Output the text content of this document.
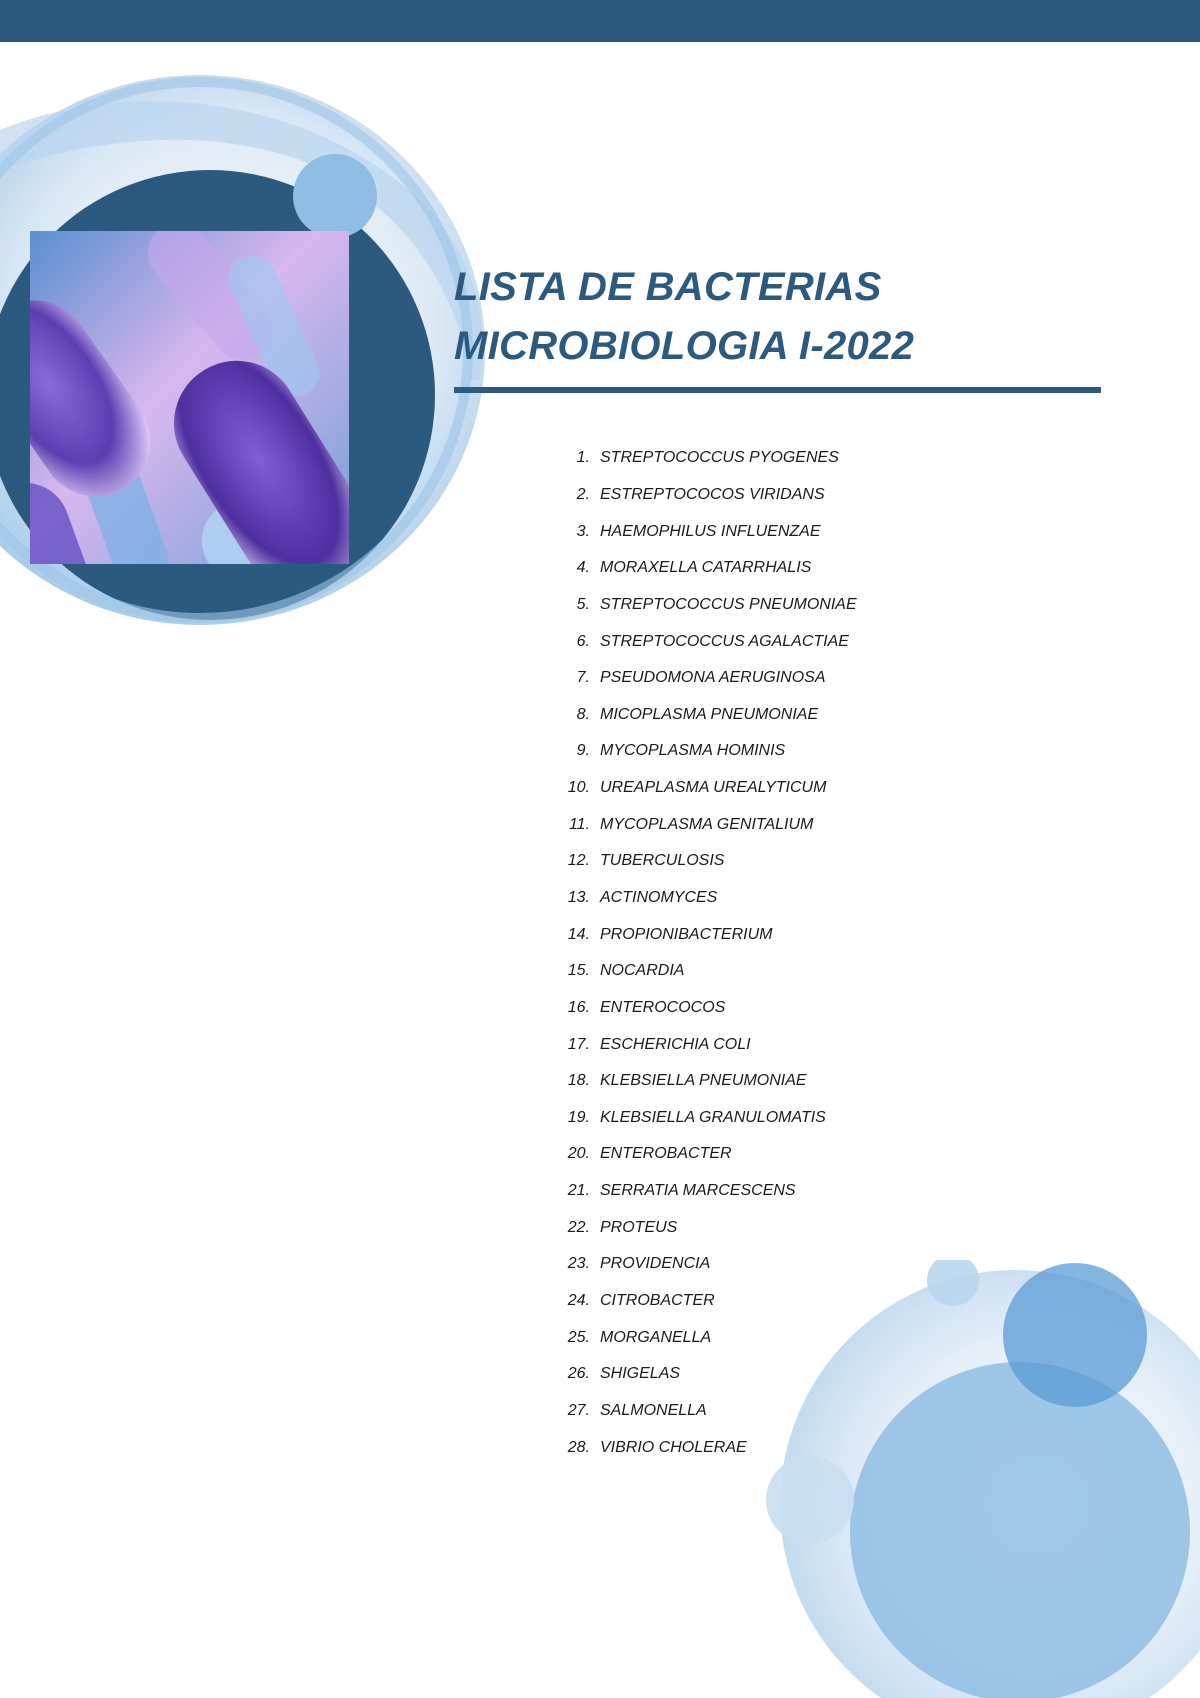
LISTA DE BACTERIAS
MICROBIOLOGIA I-2022
1. STREPTOCOCCUS PYOGENES
2. ESTREPTOCOCOS VIRIDANS
3. HAEMOPHILUS INFLUENZAE
4. MORAXELLA CATARRHALIS
5. STREPTOCOCCUS PNEUMONIAE
6. STREPTOCOCCUS AGALACTIAE
7. PSEUDOMONA AERUGINOSA
8. MICOPLASMA PNEUMONIAE
9. MYCOPLASMA HOMINIS
10. UREAPLASMA UREALYTICUM
11. MYCOPLASMA GENITALIUM
12. TUBERCULOSIS
13. ACTINOMYCES
14. PROPIONIBACTERIUM
15. NOCARDIA
16. ENTEROCOCOS
17. ESCHERICHIA COLI
18. KLEBSIELLA PNEUMONIAE
19. KLEBSIELLA GRANULOMATIS
20. ENTEROBACTER
21. SERRATIA MARCESCENS
22. PROTEUS
23. PROVIDENCIA
24. CITROBACTER
25. MORGANELLA
26. SHIGELAS
27. SALMONELLA
28. VIBRIO CHOLERAE
